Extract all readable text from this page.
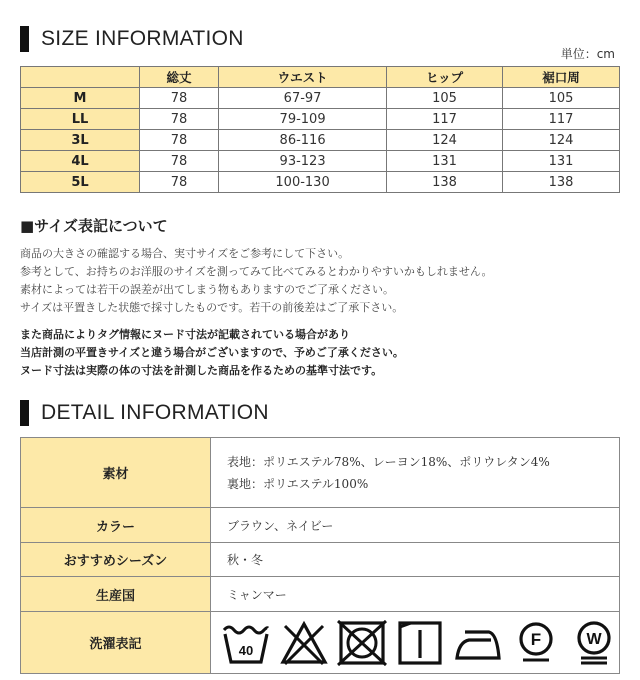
SIZE INFORMATION
単位：cm
	総丈	ウエスト	ヒップ	裾口周
M	78	67-97	105	105
LL	78	79-109	117	117
3L	78	86-116	124	124
4L	78	93-123	131	131
5L	78	100-130	138	138
■サイズ表記について
商品の大きさの確認する場合、実寸サイズをご参考にして下さい。
参考として、お持ちのお洋服のサイズを測ってみて比べてみるとわかりやすいかもしれません。
素材によっては若干の誤差が出てしまう物もありますのでご了承ください。
サイズは平置きした状態で採寸したものです。若干の前後差はご了承下さい。
また商品によりタグ情報にヌード寸法が記載されている場合があり
当店計測の平置きサイズと違う場合がございますので、予めご了承ください。
ヌード寸法は実際の体の寸法を計測した商品を作るための基準寸法です。
DETAIL INFORMATION
素材	表地：ポリエステル78%、レーヨン18%、ポリウレタン4%
裏地：ポリエステル100%

カラー	ブラウン、ネイビー
おすすめシーズン	秋・冬
生産国	ミャンマー
洗濯表記	40
F W
